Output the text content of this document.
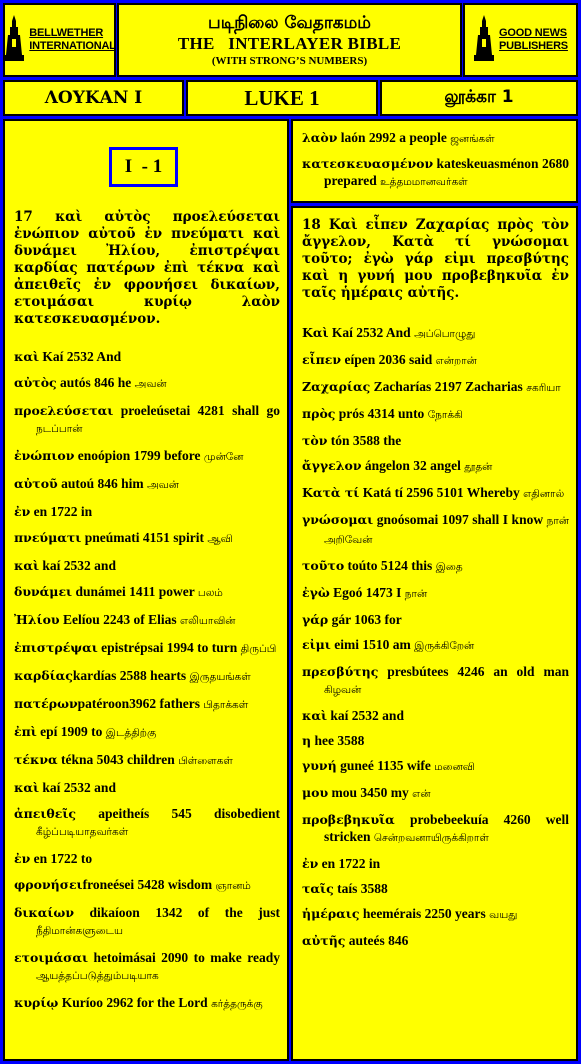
BELLWETHER
INTERNATIONAL
படிநிலை வேதாகமம்
THE   INTERLAYER BIBLE
(WITH STRONG’S NUMBERS)
GOOD NEWS
PUBLISHERS
ΛΟΥΚΑΝ Ι	LUKE 1	லூக்கா 1
I  - 1

17 καὶ αὐτὸς προελεύσεται ἐνώπιον αὐτοῦ ἐν πνεύματι καὶ δυνάμει Ἠλίου, ἐπιστρέψαι καρδίας πατέρων ἐπὶ τέκνα καὶ ἀπειθεῖς ἐν φρονήσει δικαίων, ετοιμάσαι κυρίῳ λαὸν κατεσκευασμένον.

καὶ Kaí 2532 And

αὐτὸς autós 846 he அவன்

προελεύσεται proeleúsetai 4281 shall go நடப்பான்

ἐνώπιον enoópion 1799 before முன்னே

αὐτοῦ autoú 846 him அவன்

ἐν en 1722 in

πνεύματι pneúmati 4151 spirit ஆவி

καὶ kaí 2532 and

δυνάμει dunámei 1411 power பலம்

Ἠλίου Eelíou 2243 of Elias எலியாவின்

ἐπιστρέψαι epistrépsai 1994 to turn திருப்பி

καρδίαςkardías 2588 hearts இருதயங்கள்

πατέρωνpatéroon3962 fathers பிதாக்கள்

ἐπὶ epí 1909 to இடத்திற்கு

τέκνα tékna 5043 children பிள்ளைகள்

καὶ kaí 2532 and

ἀπειθεῖς apeitheís 545 disobedient கீழ்ப்படியாதவர்கள்

ἐν en 1722 to

φρονήσειfroneései 5428 wisdom ஞானம்

δικαίων dikaíoon 1342 of the just நீதிமான்களுடைய

ετοιμάσαι hetoimásai 2090 to make ready ஆயத்தப்படுத்தும்படியாக

κυρίῳ Kuríoo 2962 for the Lord கர்த்தருக்கு

λαὸν laón 2992 a people ஜனங்கள்

κατεσκευασμένον kateskeuasménon 2680 prepared உத்தமமானவர்கள்

18 Καὶ εἶπεν Ζαχαρίας πρὸς τὸν ἄγγελον, Κατὰ τί γνώσομαι τοῦτο; ἐγὼ γάρ εἰμι πρεσβύτης καὶ η γυνή μου προβεβηκυῖα ἐν ταῖς ἡμέραις αὐτῆς.

Καὶ Kaí 2532 And அப்பொழுது

εἶπεν eípen 2036 said என்றான்

Ζαχαρίας Zacharías 2197 Zacharias சகரியா

πρὸς prós 4314 unto நோக்கி

τὸν tón 3588 the

ἄγγελον ángelon 32 angel தூதன்

Κατὰ τί Katá tí 2596 5101 Whereby எதினால்

γνώσομαι gnoósomai 1097 shall I know நான் அறிவேன்

τοῦτο toúto 5124 this இதை

ἐγὼ Egoó 1473 I நான்

γάρ gár 1063 for

εἰμι eimi 1510 am இருக்கிறேன்

πρεσβύτης presbútees 4246 an old man கிழவன்

καὶ kaí 2532 and

η hee 3588

γυνή guneé 1135 wife மனைவி

μου mou 3450 my என்

προβεβηκυῖα probebeekuía 4260 well stricken சென்றவனாயிருக்கிறாள்

ἐν en 1722 in

ταῖς taís 3588

ἡμέραις heemérais 2250 years வயது

αὐτῆς auteés 846
